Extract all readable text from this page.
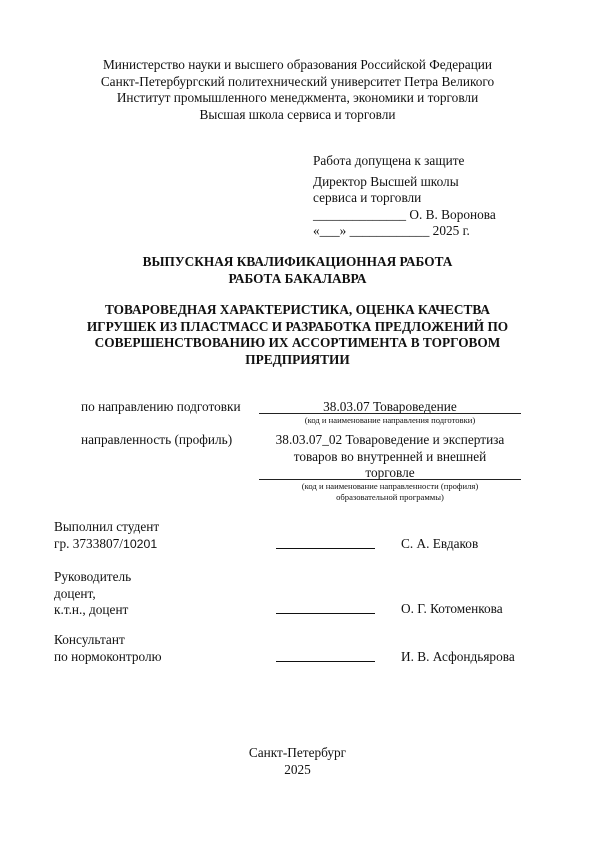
Министерство науки и высшего образования Российской Федерации
Санкт-Петербургский политехнический университет Петра Великого
Институт промышленного менеджмента, экономики и торговли
Высшая школа сервиса и торговли
Работа допущена к защите
Директор Высшей школы
сервиса и торговли
______________ О. В. Воронова
«___» ____________ 2025 г.
ВЫПУСКНАЯ КВАЛИФИКАЦИОННАЯ РАБОТА
РАБОТА БАКАЛАВРА
ТОВАРОВЕДНАЯ ХАРАКТЕРИСТИКА, ОЦЕНКА КАЧЕСТВА
ИГРУШЕК ИЗ ПЛАСТМАСС И РАЗРАБОТКА ПРЕДЛОЖЕНИЙ ПО
СОВЕРШЕНСТВОВАНИЮ ИХ АССОРТИМЕНТА В ТОРГОВОМ
ПРЕДПРИЯТИИ
по направлению подготовки	38.03.07 Товароведение
(код и наименование направления подготовки)
направленность (профиль)	38.03.07_02 Товароведение и экспертиза
товаров во внутренней и внешней
торговле
(код и наименование направленности (профиля)
образовательной программы)
Выполнил студент
гр. 3733807/10201	С. А. Евдаков
Руководитель
доцент,
к.т.н., доцент	О. Г. Котоменкова
Консультант
по нормоконтролю	И. В. Асфондьярова
Санкт-Петербург
2025
